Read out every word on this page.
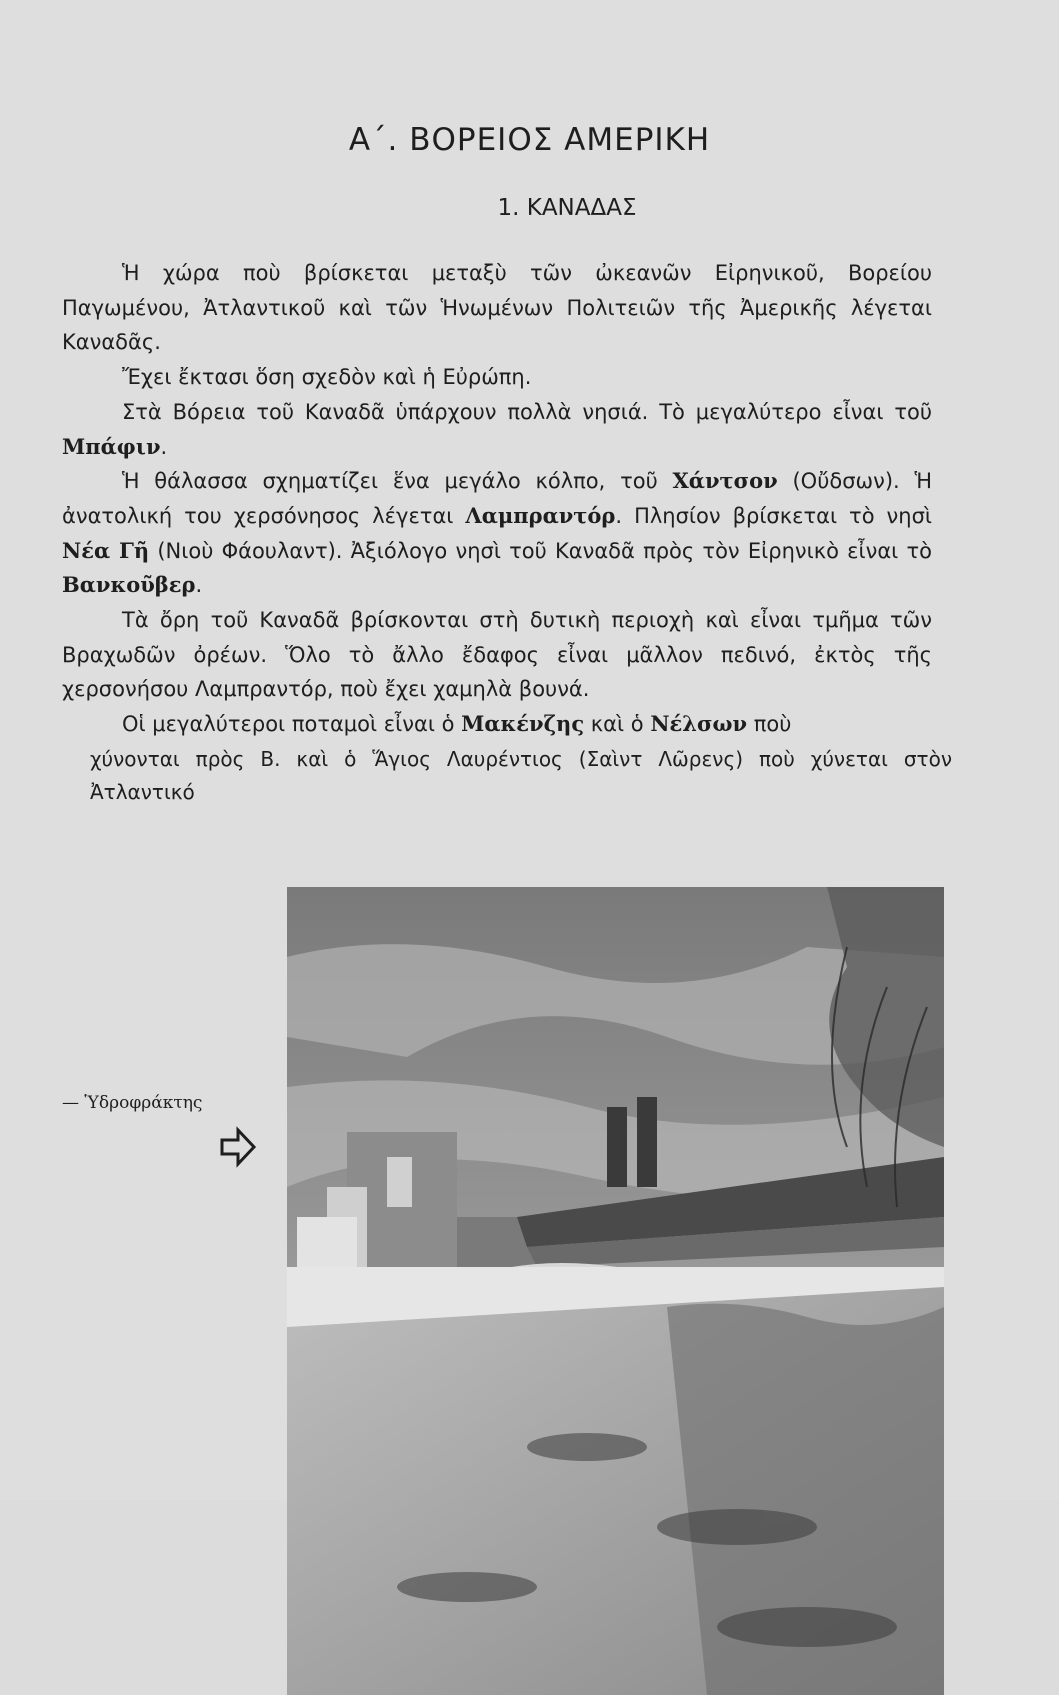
Α΄. ΒΟΡΕΙΟΣ ΑΜΕΡΙΚΗ
1. ΚΑΝΑΔΑΣ

Ἡ χώρα ποὺ βρίσκεται μεταξὺ τῶν ὠκεανῶν Εἰρηνικοῦ, Βορείου Παγωμένου, Ἀτλαντικοῦ καὶ τῶν Ἡνωμένων Πολιτειῶν τῆς Ἀμερικῆς λέγεται Καναδᾶς.

Ἔχει ἔκτασι ὅση σχεδὸν καὶ ἡ Εὐρώπη.

Στὰ Βόρεια τοῦ Καναδᾶ ὑπάρχουν πολλὰ νησιά. Τὸ μεγαλύτερο εἶναι τοῦ Μπάφιν.

Ἡ θάλασσα σχηματίζει ἕνα μεγάλο κόλπο, τοῦ Χάντσον (Οὔδσων). Ἡ ἀνατολική του χερσόνησος λέγεται Λαμπραντόρ. Πλησίον βρίσκεται τὸ νησὶ Νέα Γῆ (Νιοὺ Φάουλαντ). Ἀξιόλογο νησὶ τοῦ Καναδᾶ πρὸς τὸν Εἰρηνικὸ εἶναι τὸ Βανκοῦβερ.

Τὰ ὄρη τοῦ Καναδᾶ βρίσκονται στὴ δυτικὴ περιοχὴ καὶ εἶναι τμῆμα τῶν Βραχωδῶν ὀρέων. Ὅλο τὸ ἄλλο ἔδαφος εἶναι μᾶλλον πεδινό, ἐκτὸς τῆς χερσονήσου Λαμπραντόρ, ποὺ ἔχει χαμηλὰ βουνά.

Οἱ μεγαλύτεροι ποταμοὶ εἶναι ὁ Μακένζης καὶ ὁ Νέλσων ποὺ

χύνονται πρὸς Β. καὶ ὁ Ἅγιος Λαυρέντιος (Σαὶντ Λῶρενς) ποὺ χύνεται στὸν Ἀτλαντικό
— Ὑδροφράκτης
